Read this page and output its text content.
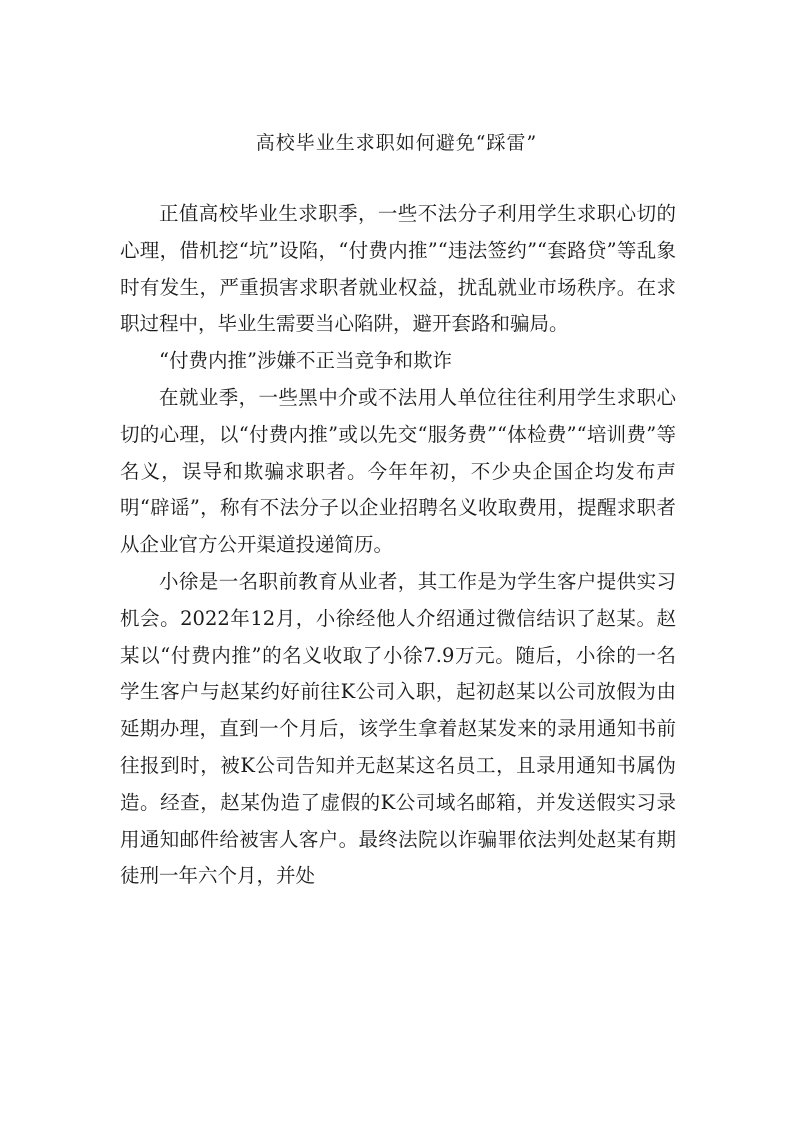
高校毕业生求职如何避免“踩雷”

正值高校毕业生求职季，一些不法分子利用学生求职心切的心理，借机挖“坑”设陷，“付费内推”“违法签约”“套路贷”等乱象时有发生，严重损害求职者就业权益，扰乱就业市场秩序。在求职过程中，毕业生需要当心陷阱，避开套路和骗局。

“付费内推”涉嫌不正当竞争和欺诈

在就业季，一些黑中介或不法用人单位往往利用学生求职心切的心理，以“付费内推”或以先交“服务费”“体检费”“培训费”等名义，误导和欺骗求职者。今年年初，不少央企国企均发布声明“辟谣”，称有不法分子以企业招聘名义收取费用，提醒求职者从企业官方公开渠道投递简历。

小徐是一名职前教育从业者，其工作是为学生客户提供实习机会。2022年12月，小徐经他人介绍通过微信结识了赵某。赵某以“付费内推”的名义收取了小徐7.9万元。随后，小徐的一名学生客户与赵某约好前往K公司入职，起初赵某以公司放假为由延期办理，直到一个月后，该学生拿着赵某发来的录用通知书前往报到时，被K公司告知并无赵某这名员工，且录用通知书属伪造。经查，赵某伪造了虚假的K公司域名邮箱，并发送假实习录用通知邮件给被害人客户。最终法院以诈骗罪依法判处赵某有期徒刑一年六个月，并处
